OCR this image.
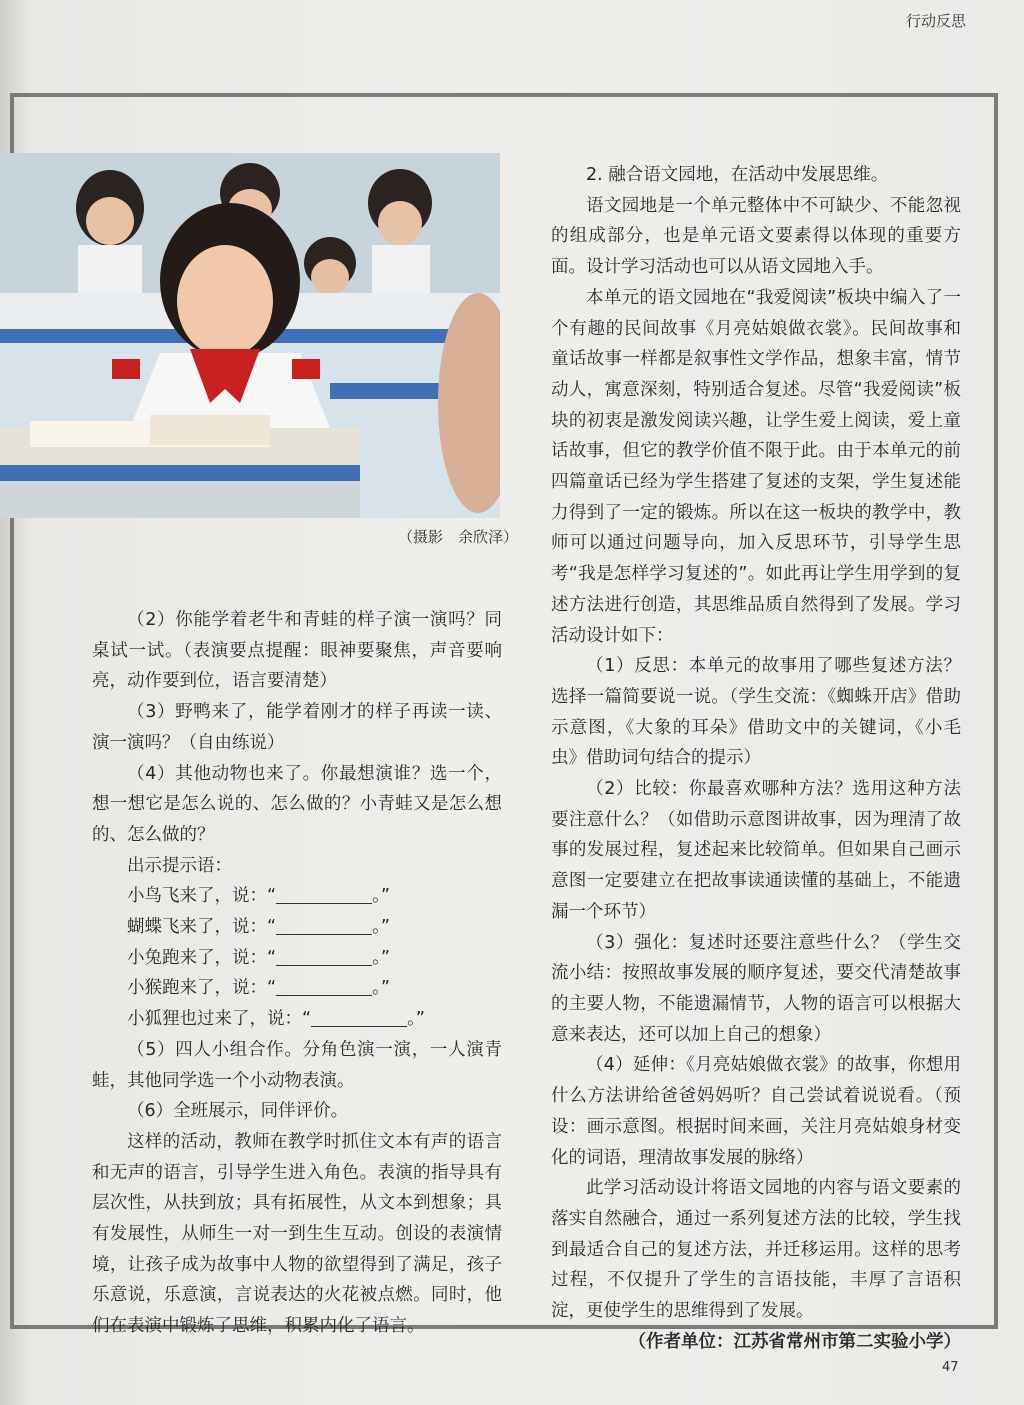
行动反思
（摄影　余欣泽）

（2）你能学着老牛和青蛙的样子演一演吗？同桌试一试。（表演要点提醒：眼神要聚焦，声音要响亮，动作要到位，语言要清楚）

（3）野鸭来了，能学着刚才的样子再读一读、演一演吗？（自由练说）

（4）其他动物也来了。你最想演谁？选一个，想一想它是怎么说的、怎么做的？小青蛙又是怎么想的、怎么做的？

出示提示语：

小鸟飞来了，说：“	。”

蝴蝶飞来了，说：“	。”

小兔跑来了，说：“	。”

小猴跑来了，说：“	。”

小狐狸也过来了，说：“	。”

（5）四人小组合作。分角色演一演，一人演青蛙，其他同学选一个小动物表演。

（6）全班展示，同伴评价。

这样的活动，教师在教学时抓住文本有声的语言和无声的语言，引导学生进入角色。表演的指导具有层次性，从扶到放；具有拓展性，从文本到想象；具有发展性，从师生一对一到生生互动。创设的表演情境，让孩子成为故事中人物的欲望得到了满足，孩子乐意说，乐意演，言说表达的火花被点燃。同时，他们在表演中锻炼了思维，积累内化了语言。

2. 融合语文园地，在活动中发展思维。

语文园地是一个单元整体中不可缺少、不能忽视的组成部分，也是单元语文要素得以体现的重要方面。设计学习活动也可以从语文园地入手。

本单元的语文园地在“我爱阅读”板块中编入了一个有趣的民间故事《月亮姑娘做衣裳》。民间故事和童话故事一样都是叙事性文学作品，想象丰富，情节动人，寓意深刻，特别适合复述。尽管“我爱阅读”板块的初衷是激发阅读兴趣，让学生爱上阅读，爱上童话故事，但它的教学价值不限于此。由于本单元的前四篇童话已经为学生搭建了复述的支架，学生复述能力得到了一定的锻炼。所以在这一板块的教学中，教师可以通过问题导向，加入反思环节，引导学生思考“我是怎样学习复述的”。如此再让学生用学到的复述方法进行创造，其思维品质自然得到了发展。学习活动设计如下：

（1）反思：本单元的故事用了哪些复述方法？选择一篇简要说一说。（学生交流：《蜘蛛开店》借助示意图，《大象的耳朵》借助文中的关键词，《小毛虫》借助词句结合的提示）

（2）比较：你最喜欢哪种方法？选用这种方法要注意什么？（如借助示意图讲故事，因为理清了故事的发展过程，复述起来比较简单。但如果自己画示意图一定要建立在把故事读通读懂的基础上，不能遗漏一个环节）

（3）强化：复述时还要注意些什么？（学生交流小结：按照故事发展的顺序复述，要交代清楚故事的主要人物，不能遗漏情节，人物的语言可以根据大意来表达，还可以加上自己的想象）

（4）延伸：《月亮姑娘做衣裳》的故事，你想用什么方法讲给爸爸妈妈听？自己尝试着说说看。（预设：画示意图。根据时间来画，关注月亮姑娘身材变化的词语，理清故事发展的脉络）

此学习活动设计将语文园地的内容与语文要素的落实自然融合，通过一系列复述方法的比较，学生找到最适合自己的复述方法，并迁移运用。这样的思考过程，不仅提升了学生的言语技能，丰厚了言语积淀，更使学生的思维得到了发展。

（作者单位：江苏省常州市第二实验小学）

47
